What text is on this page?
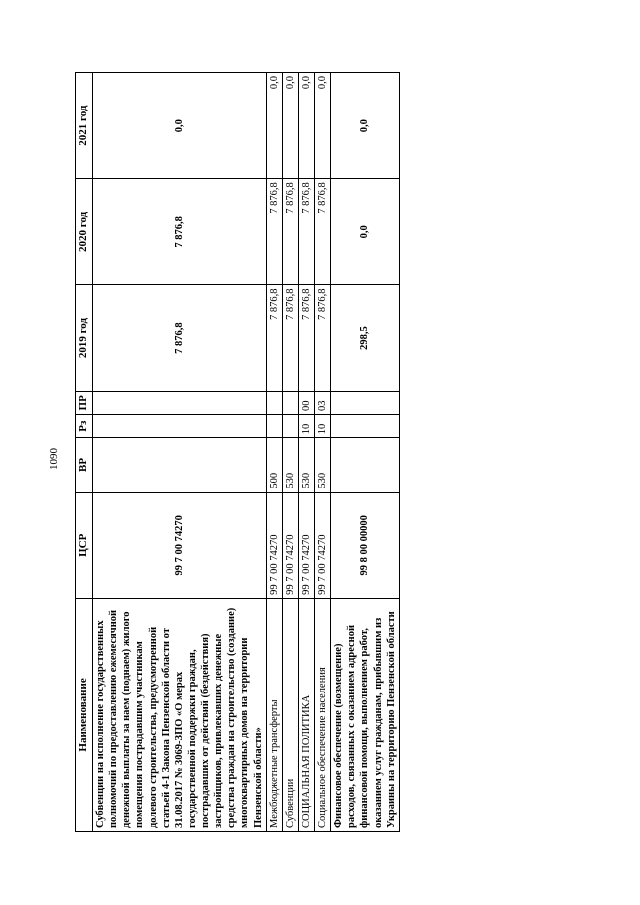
1090
Наименование	ЦСР	ВР	Рз	ПР	2019 год	2020 год	2021 год
Субвенции на исполнение государственных полномочий по предоставлению ежемесячной денежной выплаты за наем (поднаем) жилого помещения пострадавшим участникам долевого строительства, предусмотренной статьей 4-1 Закона Пензенской области от 31.08.2017 № 3069-ЗПО «О мерах государственной поддержки граждан, пострадавших от действий (бездействия) застройщиков, привлекавших денежные средства граждан на строительство (создание) многоквартирных домов на территории Пензенской области»	99 7 00 74270				7 876,8	7 876,8	0,0
Межбюджетные трансферты	99 7 00 74270	500			7 876,8	7 876,8	0,0
Субвенции	99 7 00 74270	530			7 876,8	7 876,8	0,0
СОЦИАЛЬНАЯ ПОЛИТИКА	99 7 00 74270	530	10	00	7 876,8	7 876,8	0,0
Социальное обеспечение населения	99 7 00 74270	530	10	03	7 876,8	7 876,8	0,0
Финансовое обеспечение (возмещение) расходов, связанных с оказанием адресной финансовой помощи, выполнением работ, оказанием услуг гражданам, прибывшим из Украины на территорию Пензенской области	99 8 00 00000				298,5	0,0	0,0
